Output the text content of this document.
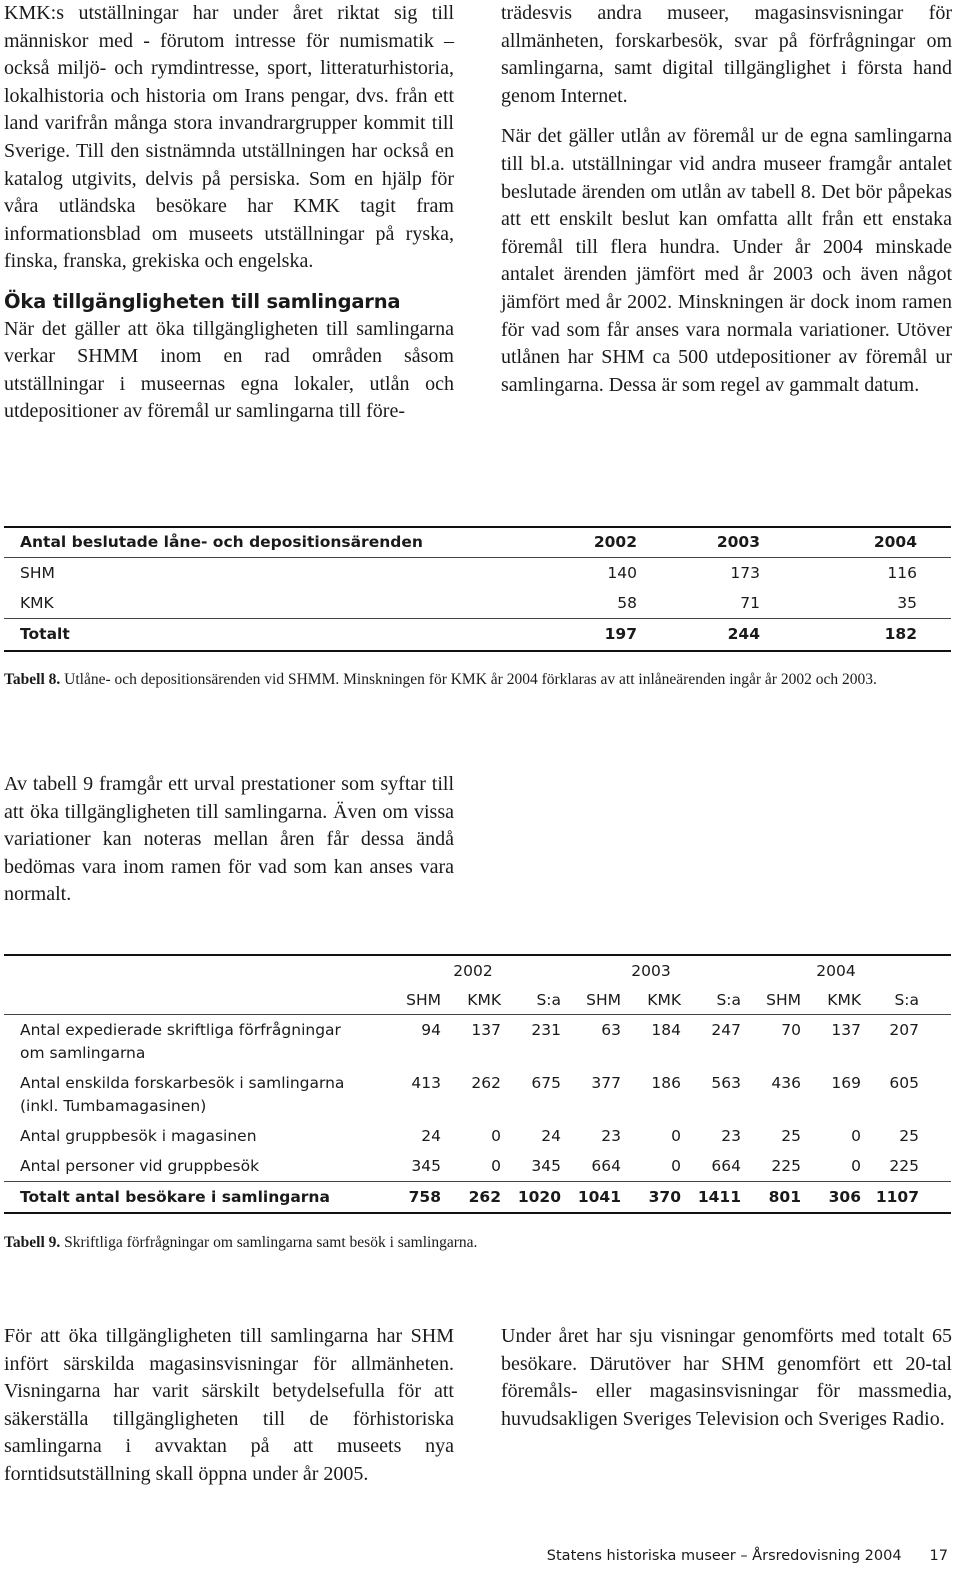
KMK:s utställningar har under året riktat sig till människor med - förutom intresse för numismatik – också miljö- och rymdintresse, sport, litteraturhistoria, lokalhistoria och historia om Irans pengar, dvs. från ett land varifrån många stora invandrargrupper kommit till Sverige. Till den sistnämnda utställningen har också en katalog utgivits, delvis på persiska. Som en hjälp för våra utländska besökare har KMK tagit fram informationsblad om museets utställningar på ryska, finska, franska, grekiska och engelska.

Öka tillgängligheten till samlingarna

När det gäller att öka tillgängligheten till samlingarna verkar SHMM inom en rad områden såsom utställningar i museernas egna lokaler, utlån och utdepositioner av föremål ur samlingarna till före-

trädesvis andra museer, magasinsvisningar för allmänheten, forskarbesök, svar på förfrågningar om samlingarna, samt digital tillgänglighet i första hand genom Internet.

När det gäller utlån av föremål ur de egna samlingarna till bl.a. utställningar vid andra museer framgår antalet beslutade ärenden om utlån av tabell 8. Det bör påpekas att ett enskilt beslut kan omfatta allt från ett enstaka föremål till flera hundra. Under år 2004 minskade antalet ärenden jämfört med år 2003 och även något jämfört med år 2002. Minskningen är dock inom ramen för vad som får anses vara normala variationer. Utöver utlånen har SHM ca 500 utdepositioner av föremål ur samlingarna. Dessa är som regel av gammalt datum.

Antal beslutade låne- och depositionsärenden	2002	2003	2004
SHM	140	173	116
KMK	58	71	35
Totalt	197	244	182
Tabell 8. Utlåne- och depositionsärenden vid SHMM. Minskningen för KMK år 2004 förklaras av att inlåneärenden ingår år 2002 och 2003.

Av tabell 9 framgår ett urval prestationer som syftar till att öka tillgängligheten till samlingarna. Även om vissa variationer kan noteras mellan åren får dessa ändå bedömas vara inom ramen för vad som kan anses vara normalt.

	2002			2003			2004		
	SHM	KMK	S:a	SHM	KMK	S:a	SHM	KMK	S:a
Antal expedierade skriftliga förfrågningar om samlingarna	94	137	231	63	184	247	70	137	207
Antal enskilda forskarbesök i samlingarna (inkl. Tumbamagasinen)	413	262	675	377	186	563	436	169	605
Antal gruppbesök i magasinen	24	0	24	23	0	23	25	0	25
Antal personer vid gruppbesök	345	0	345	664	0	664	225	0	225
Totalt antal besökare i samlingarna	758	262	1020	1041	370	1411	801	306	1107
Tabell 9. Skriftliga förfrågningar om samlingarna samt besök i samlingarna.

För att öka tillgängligheten till samlingarna har SHM infört särskilda magasinsvisningar för allmänheten. Visningarna har varit särskilt betydelsefulla för att säkerställa tillgängligheten till de förhistoriska samlingarna i avvaktan på att museets nya forntidsutställning skall öppna under år 2005.

Under året har sju visningar genomförts med totalt 65 besökare. Därutöver har SHM genomfört ett 20-tal föremåls- eller magasinsvisningar för massmedia, huvudsakligen Sveriges Television och Sveriges Radio.

Statens historiska museer – Årsredovisning 2004 17
